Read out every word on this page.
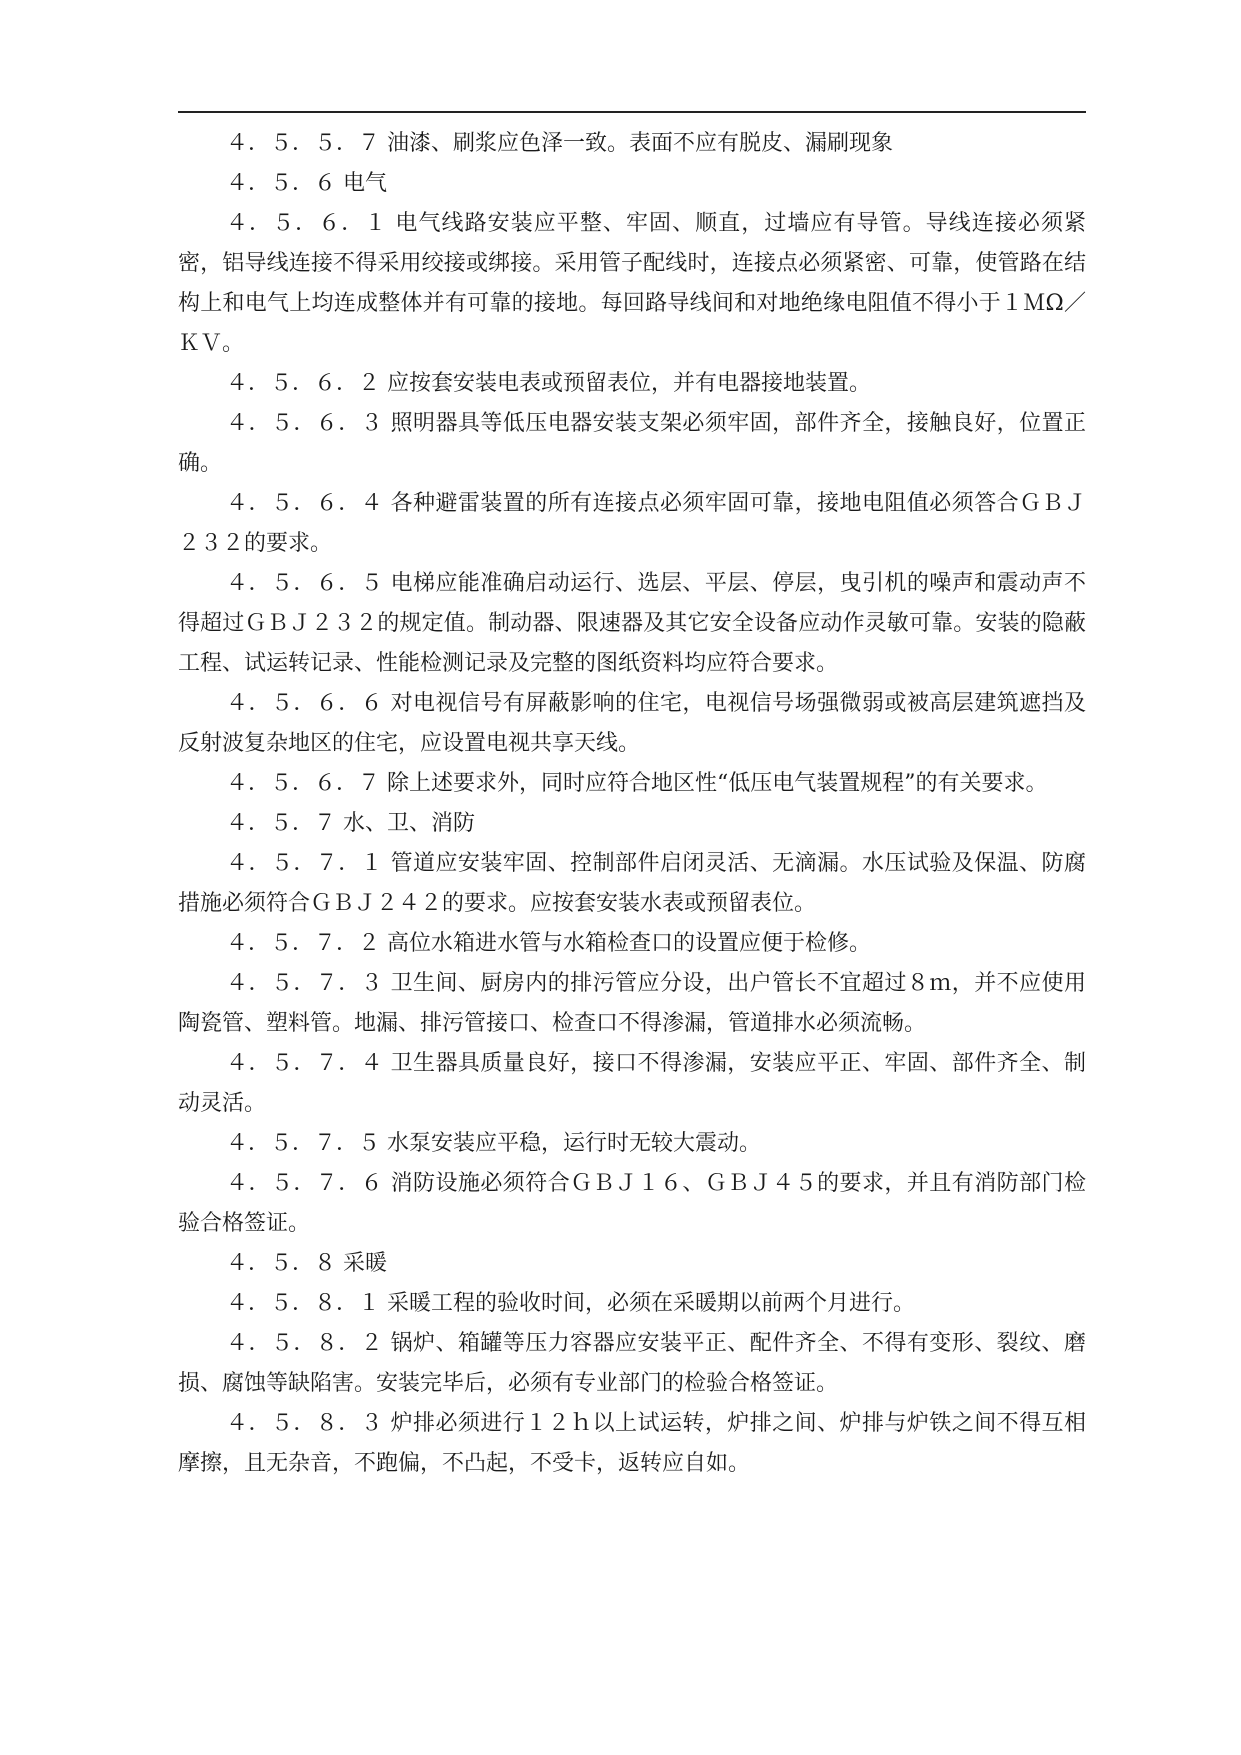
４．５．５．７ 油漆、刷浆应色泽一致。表面不应有脱皮、漏刷现象

４．５．６ 电气

４．５．６．１ 电气线路安装应平整、牢固、顺直，过墙应有导管。导线连接必须紧密，铝导线连接不得采用绞接或绑接。采用管子配线时，连接点必须紧密、可靠，使管路在结构上和电气上均连成整体并有可靠的接地。每回路导线间和对地绝缘电阻值不得小于１ＭΩ／ＫＶ。

４．５．６．２ 应按套安装电表或预留表位，并有电器接地装置。

４．５．６．３ 照明器具等低压电器安装支架必须牢固，部件齐全，接触良好，位置正确。

４．５．６．４ 各种避雷装置的所有连接点必须牢固可靠，接地电阻值必须答合ＧＢＪ２３２的要求。

４．５．６．５ 电梯应能准确启动运行、选层、平层、停层，曳引机的噪声和震动声不得超过ＧＢＪ２３２的规定值。制动器、限速器及其它安全设备应动作灵敏可靠。安装的隐蔽工程、试运转记录、性能检测记录及完整的图纸资料均应符合要求。

４．５．６．６ 对电视信号有屏蔽影响的住宅，电视信号场强微弱或被高层建筑遮挡及反射波复杂地区的住宅，应设置电视共享天线。

４．５．６．７ 除上述要求外，同时应符合地区性“低压电气装置规程”的有关要求。

４．５．７ 水、卫、消防

４．５．７．１ 管道应安装牢固、控制部件启闭灵活、无滴漏。水压试验及保温、防腐措施必须符合ＧＢＪ２４２的要求。应按套安装水表或预留表位。

４．５．７．２ 高位水箱进水管与水箱检查口的设置应便于检修。

４．５．７．３ 卫生间、厨房内的排污管应分设，出户管长不宜超过８ｍ，并不应使用陶瓷管、塑料管。地漏、排污管接口、检查口不得渗漏，管道排水必须流畅。

４．５．７．４ 卫生器具质量良好，接口不得渗漏，安装应平正、牢固、部件齐全、制动灵活。

４．５．７．５ 水泵安装应平稳，运行时无较大震动。

４．５．７．６ 消防设施必须符合ＧＢＪ１６、ＧＢＪ４５的要求，并且有消防部门检验合格签证。

４．５．８ 采暖

４．５．８．１ 采暖工程的验收时间，必须在采暖期以前两个月进行。

４．５．８．２ 锅炉、箱罐等压力容器应安装平正、配件齐全、不得有变形、裂纹、磨损、腐蚀等缺陷害。安装完毕后，必须有专业部门的检验合格签证。

４．５．８．３ 炉排必须进行１２ｈ以上试运转，炉排之间、炉排与炉铁之间不得互相摩擦，且无杂音，不跑偏，不凸起，不受卡，返转应自如。
